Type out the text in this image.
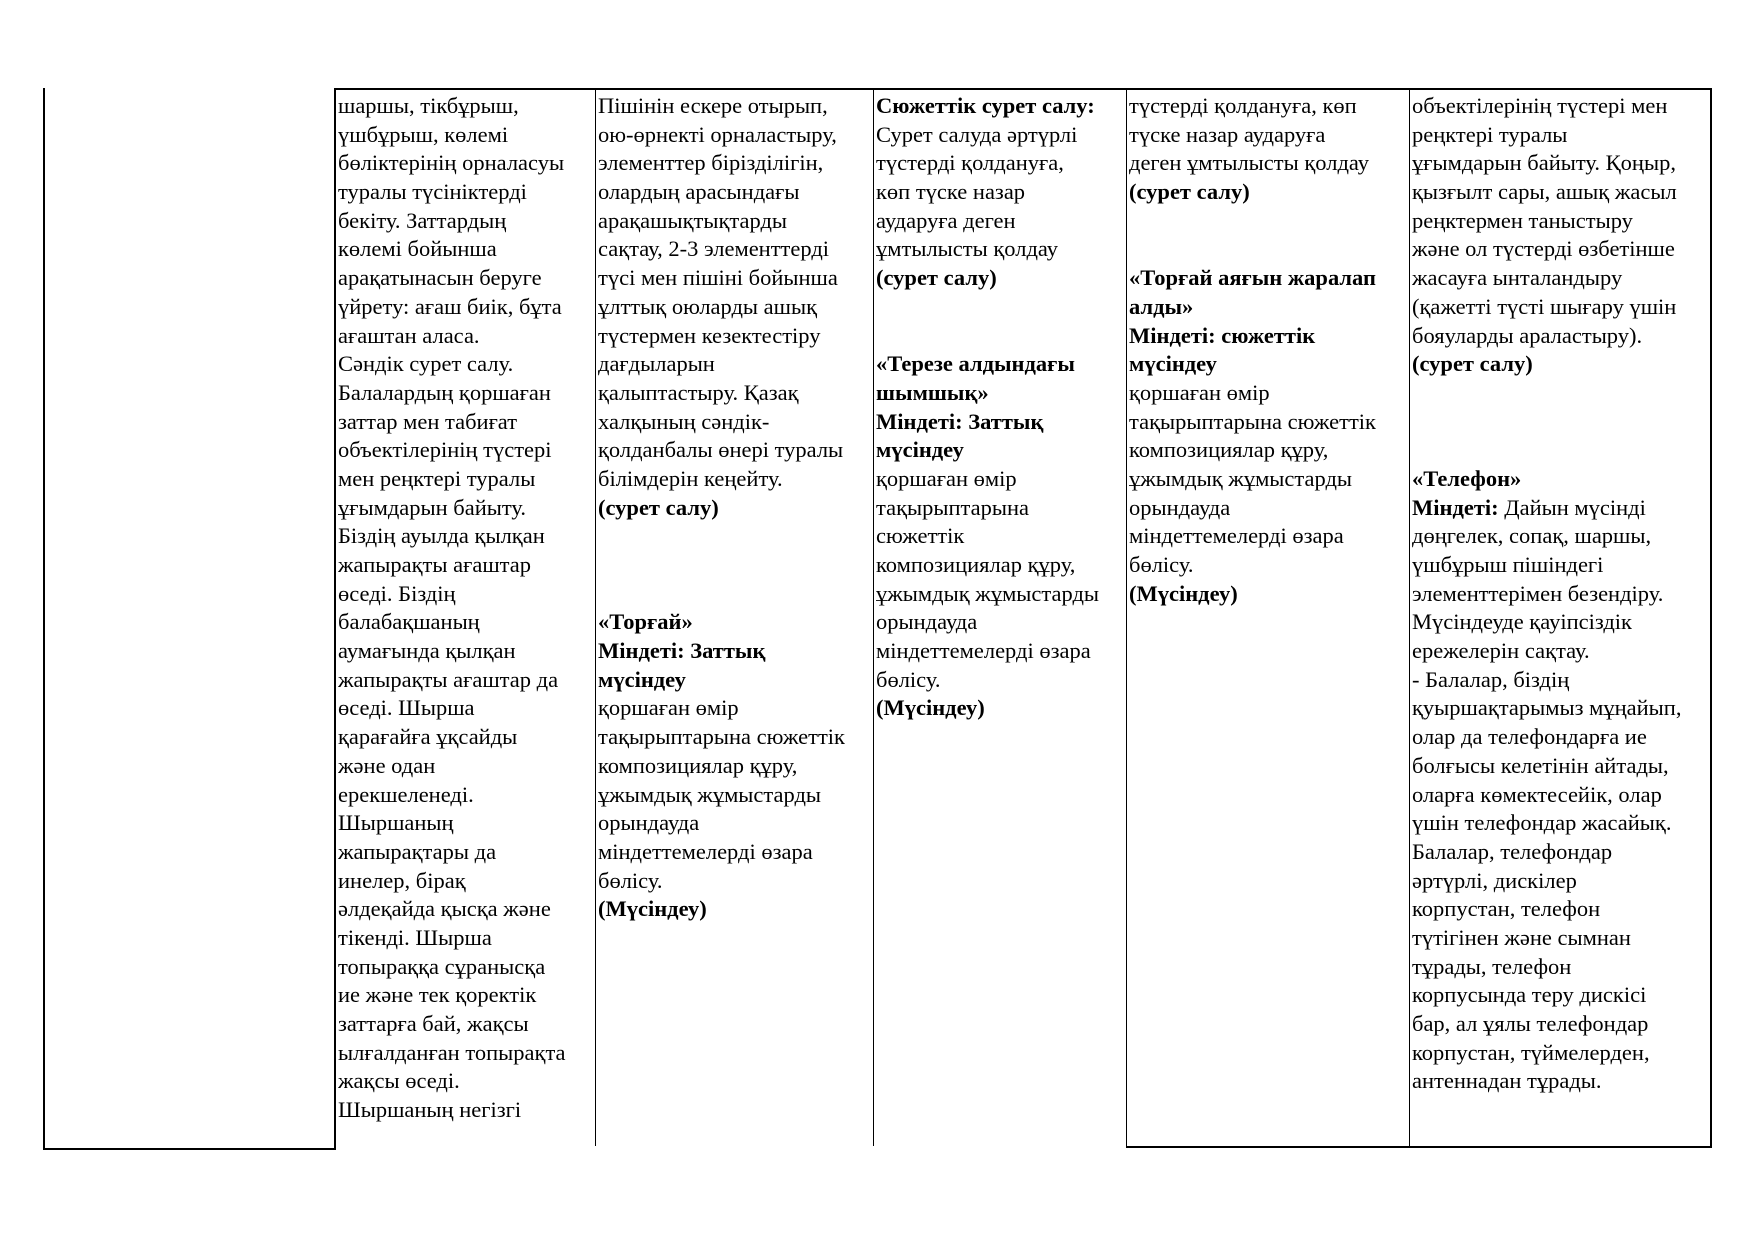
шаршы, тікбұрыш,
үшбұрыш, көлемі
бөліктерінің орналасуы
туралы түсініктерді
бекіту. Заттардың
көлемі бойынша
арақатынасын беруге
үйрету: ағаш биік, бұта
ағаштан аласа.
Сәндік сурет салу.
Балалардың қоршаған
заттар мен табиғат
объектілерінің түстері
мен реңктері туралы
ұғымдарын байыту.
Біздің ауылда қылқан
жапырақты ағаштар
өседі. Біздің
балабақшаның
аумағында қылқан
жапырақты ағаштар да
өседі. Шырша
қарағайға ұқсайды
және одан
ерекшеленеді.
Шыршаның
жапырақтары да
инелер, бірақ
әлдеқайда қысқа және
тікенді. Шырша
топыраққа сұранысқа
ие және тек қоректік
заттарға бай, жақсы
ылғалданған топырақта
жақсы өседі.
Шыршаның негізгі
Пішінін ескере отырып,
ою-өрнекті орналастыру,
элементтер бірізділігін,
олардың арасындағы
арақашықтықтарды
сақтау, 2-3 элементтерді
түсі мен пішіні бойынша
ұлттық оюларды ашық
түстермен кезектестіру
дағдыларын
қалыптастыру. Қазақ
халқының сәндік-
қолданбалы өнері туралы
білімдерін кеңейту.
(сурет салу)
«Торғай»
Міндеті: Заттық
мүсіндеу
қоршаған өмір
тақырыптарына сюжеттік
композициялар құру,
ұжымдық жұмыстарды
орындауда
міндеттемелерді өзара
бөлісу.
(Мүсіндеу)
Сюжеттік сурет салу:
Сурет салуда әртүрлі
түстерді қолдануға,
көп түске назар
аударуға деген
ұмтылысты қолдау
(сурет салу)
«Терезе алдындағы
шымшық»
Міндеті: Заттық
мүсіндеу
қоршаған өмір
тақырыптарына
сюжеттік
композициялар құру,
ұжымдық жұмыстарды
орындауда
міндеттемелерді өзара
бөлісу.
(Мүсіндеу)
түстерді қолдануға, көп
түске назар аударуға
деген ұмтылысты қолдау
(сурет салу)
«Торғай аяғын жаралап
алды»
Міндеті: сюжеттік
мүсіндеу
қоршаған өмір
тақырыптарына сюжеттік
композициялар құру,
ұжымдық жұмыстарды
орындауда
міндеттемелерді өзара
бөлісу.
(Мүсіндеу)
объектілерінің түстері мен
реңктері туралы
ұғымдарын байыту. Қоңыр,
қызғылт сары, ашық жасыл
реңктермен таныстыру
және ол түстерді өзбетінше
жасауға ынталандыру
(қажетті түсті шығару үшін
бояуларды араластыру).
(сурет салу)
«Телефон»
Міндеті: Дайын мүсінді
дөңгелек, сопақ, шаршы,
үшбұрыш пішіндегі
элементтерімен безендіру.
Мүсіндеуде қауіпсіздік
ережелерін сақтау.
- Балалар, біздің
қуыршақтарымыз мұңайып,
олар да телефондарға ие
болғысы келетінін айтады,
оларға көмектесейік, олар
үшін телефондар жасайық.
Балалар, телефондар
әртүрлі, дискілер
корпустан, телефон
түтігінен және сымнан
тұрады, телефон
корпусында теру дискісі
бар, ал ұялы телефондар
корпустан, түймелерден,
антеннадан тұрады.
